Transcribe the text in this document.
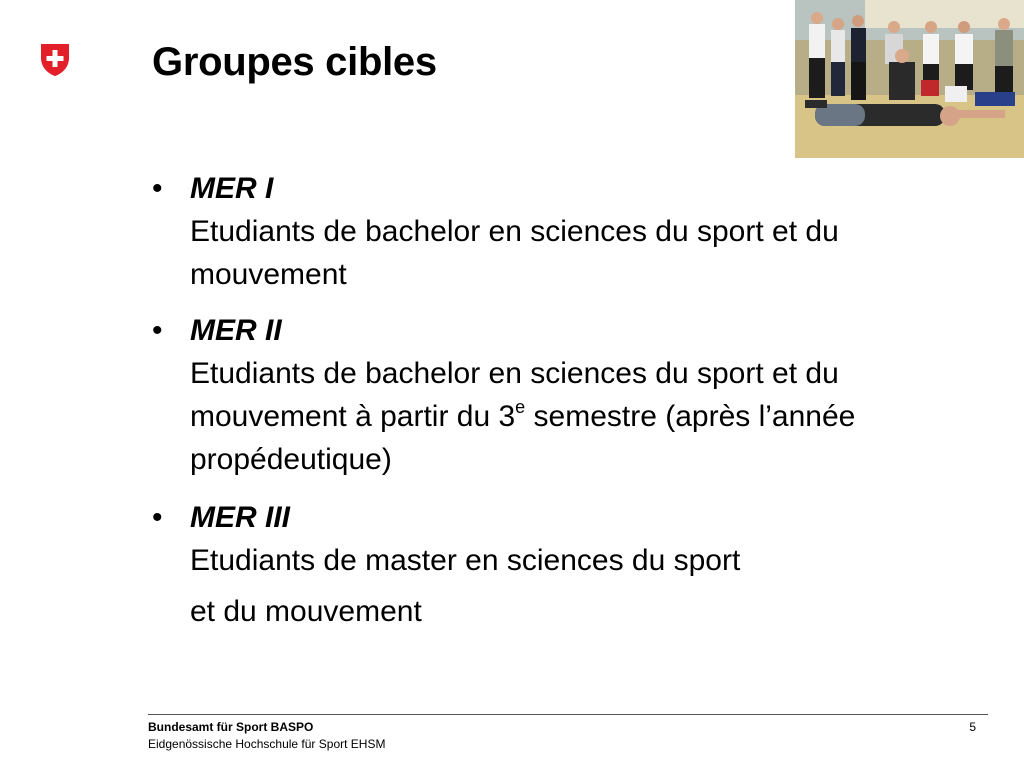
Groupes cibles
• MER I
Etudiants de bachelor en sciences du sport et du mouvement
• MER II
Etudiants de bachelor en sciences du sport et du mouvement à partir du 3e semestre (après l’année propédeutique)
• MER III
Etudiants de master en sciences du sport
et du mouvement
Bundesamt für Sport BASPO
Eidgenössische Hochschule für Sport EHSM
5
